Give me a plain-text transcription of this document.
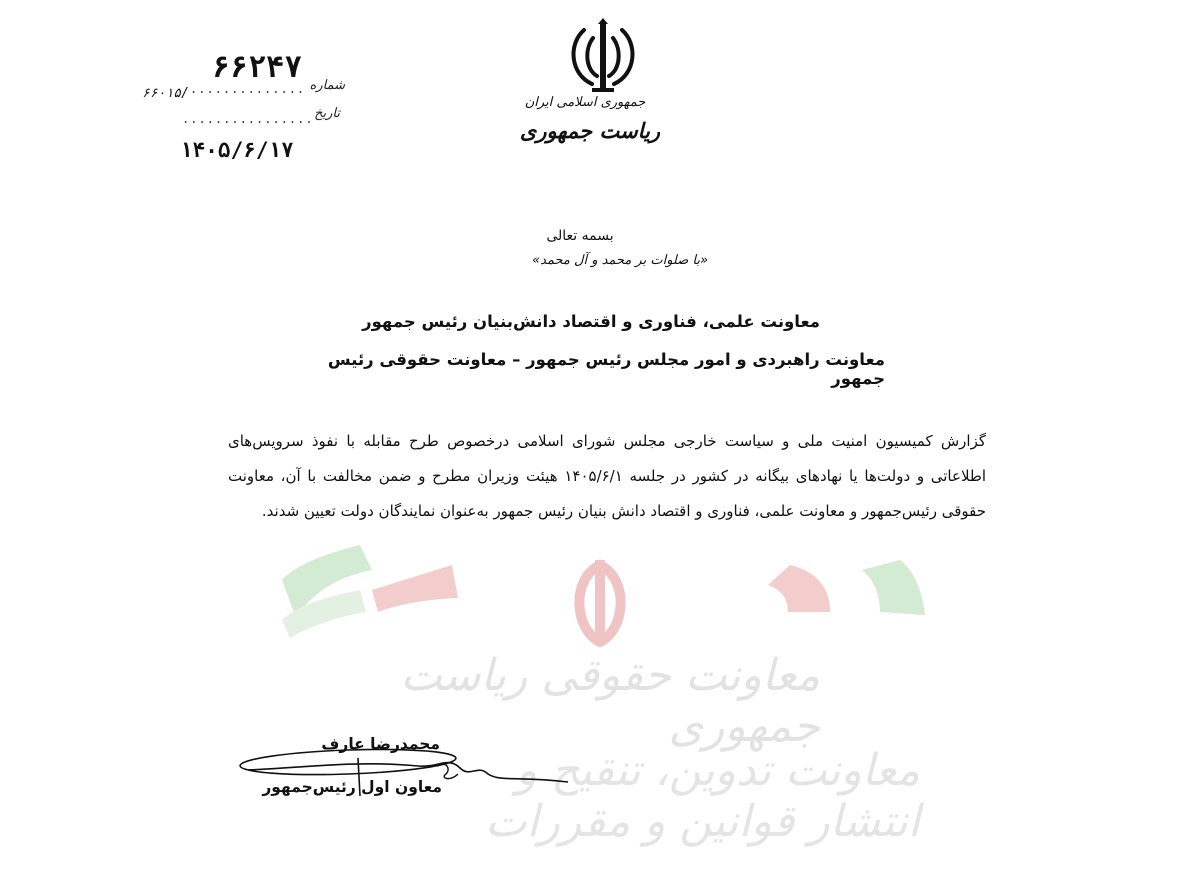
معاونت حقوقی ریاست جمهوری
معاونت تدوین، تنقیح و انتشار قوانین و مقررات
جمهوری اسلامی ایران
ریاست جمهوری
۶۶۲۴۷
شماره
۶۶۰۱۵/ ..............
تاریخ
................
۱۴۰۵/۶/۱۷
بسمه تعالی
«با صلوات بر محمد و آل محمد»
معاونت علمی، فناوری و اقتصاد دانش‌بنیان رئیس جمهور
معاونت راهبردی و امور مجلس رئیس جمهور – معاونت حقوقی رئیس جمهور
گزارش کمیسیون امنیت ملی و سیاست خارجی مجلس شورای اسلامی درخصوص طرح مقابله با نفوذ سرویس‌های اطلاعاتی و دولت‌ها یا نهادهای بیگانه در کشور در جلسه ۱۴۰۵/۶/۱ هیئت وزیران مطرح و ضمن مخالفت با آن، معاونت حقوقی رئیس‌جمهور و معاونت علمی، فناوری و اقتصاد دانش بنیان رئیس جمهور به‌عنوان نمایندگان دولت تعیین شدند.
محمدرضا عارف
معاون اول رئیس‌جمهور
